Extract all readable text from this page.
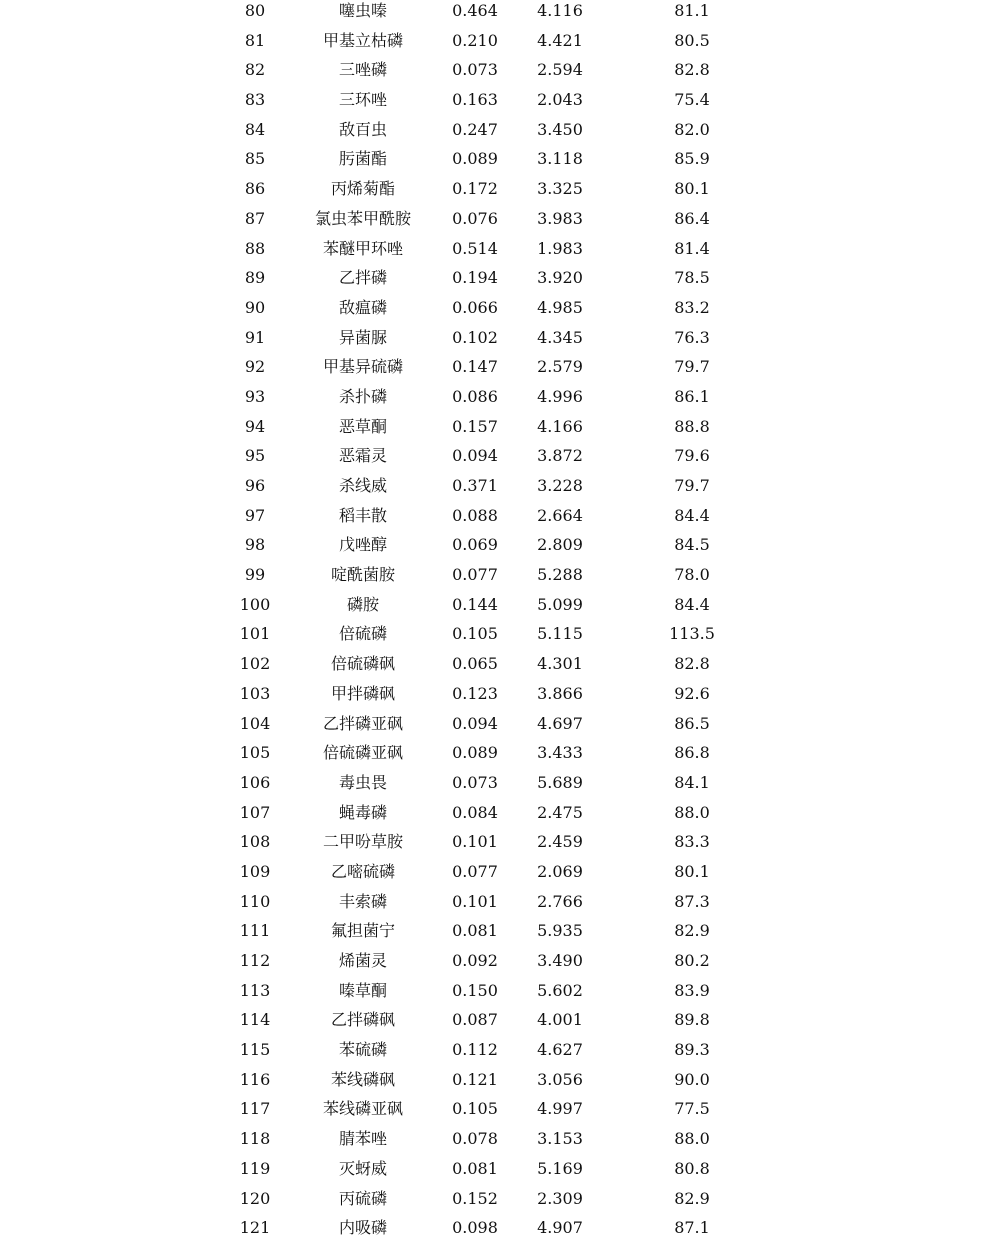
80	噻虫嗪	0.464	4.116	81.1
81	甲基立枯磷	0.210	4.421	80.5
82	三唑磷	0.073	2.594	82.8
83	三环唑	0.163	2.043	75.4
84	敌百虫	0.247	3.450	82.0
85	肟菌酯	0.089	3.118	85.9
86	丙烯菊酯	0.172	3.325	80.1
87	氯虫苯甲酰胺	0.076	3.983	86.4
88	苯醚甲环唑	0.514	1.983	81.4
89	乙拌磷	0.194	3.920	78.5
90	敌瘟磷	0.066	4.985	83.2
91	异菌脲	0.102	4.345	76.3
92	甲基异硫磷	0.147	2.579	79.7
93	杀扑磷	0.086	4.996	86.1
94	恶草酮	0.157	4.166	88.8
95	恶霜灵	0.094	3.872	79.6
96	杀线威	0.371	3.228	79.7
97	稻丰散	0.088	2.664	84.4
98	戊唑醇	0.069	2.809	84.5
99	啶酰菌胺	0.077	5.288	78.0
100	磷胺	0.144	5.099	84.4
101	倍硫磷	0.105	5.115	113.5
102	倍硫磷砜	0.065	4.301	82.8
103	甲拌磷砜	0.123	3.866	92.6
104	乙拌磷亚砜	0.094	4.697	86.5
105	倍硫磷亚砜	0.089	3.433	86.8
106	毒虫畏	0.073	5.689	84.1
107	蝇毒磷	0.084	2.475	88.0
108	二甲吩草胺	0.101	2.459	83.3
109	乙嘧硫磷	0.077	2.069	80.1
110	丰索磷	0.101	2.766	87.3
111	氟担菌宁	0.081	5.935	82.9
112	烯菌灵	0.092	3.490	80.2
113	嗪草酮	0.150	5.602	83.9
114	乙拌磷砜	0.087	4.001	89.8
115	苯硫磷	0.112	4.627	89.3
116	苯线磷砜	0.121	3.056	90.0
117	苯线磷亚砜	0.105	4.997	77.5
118	腈苯唑	0.078	3.153	88.0
119	灭蚜威	0.081	5.169	80.8
120	丙硫磷	0.152	2.309	82.9
121	内吸磷	0.098	4.907	87.1
